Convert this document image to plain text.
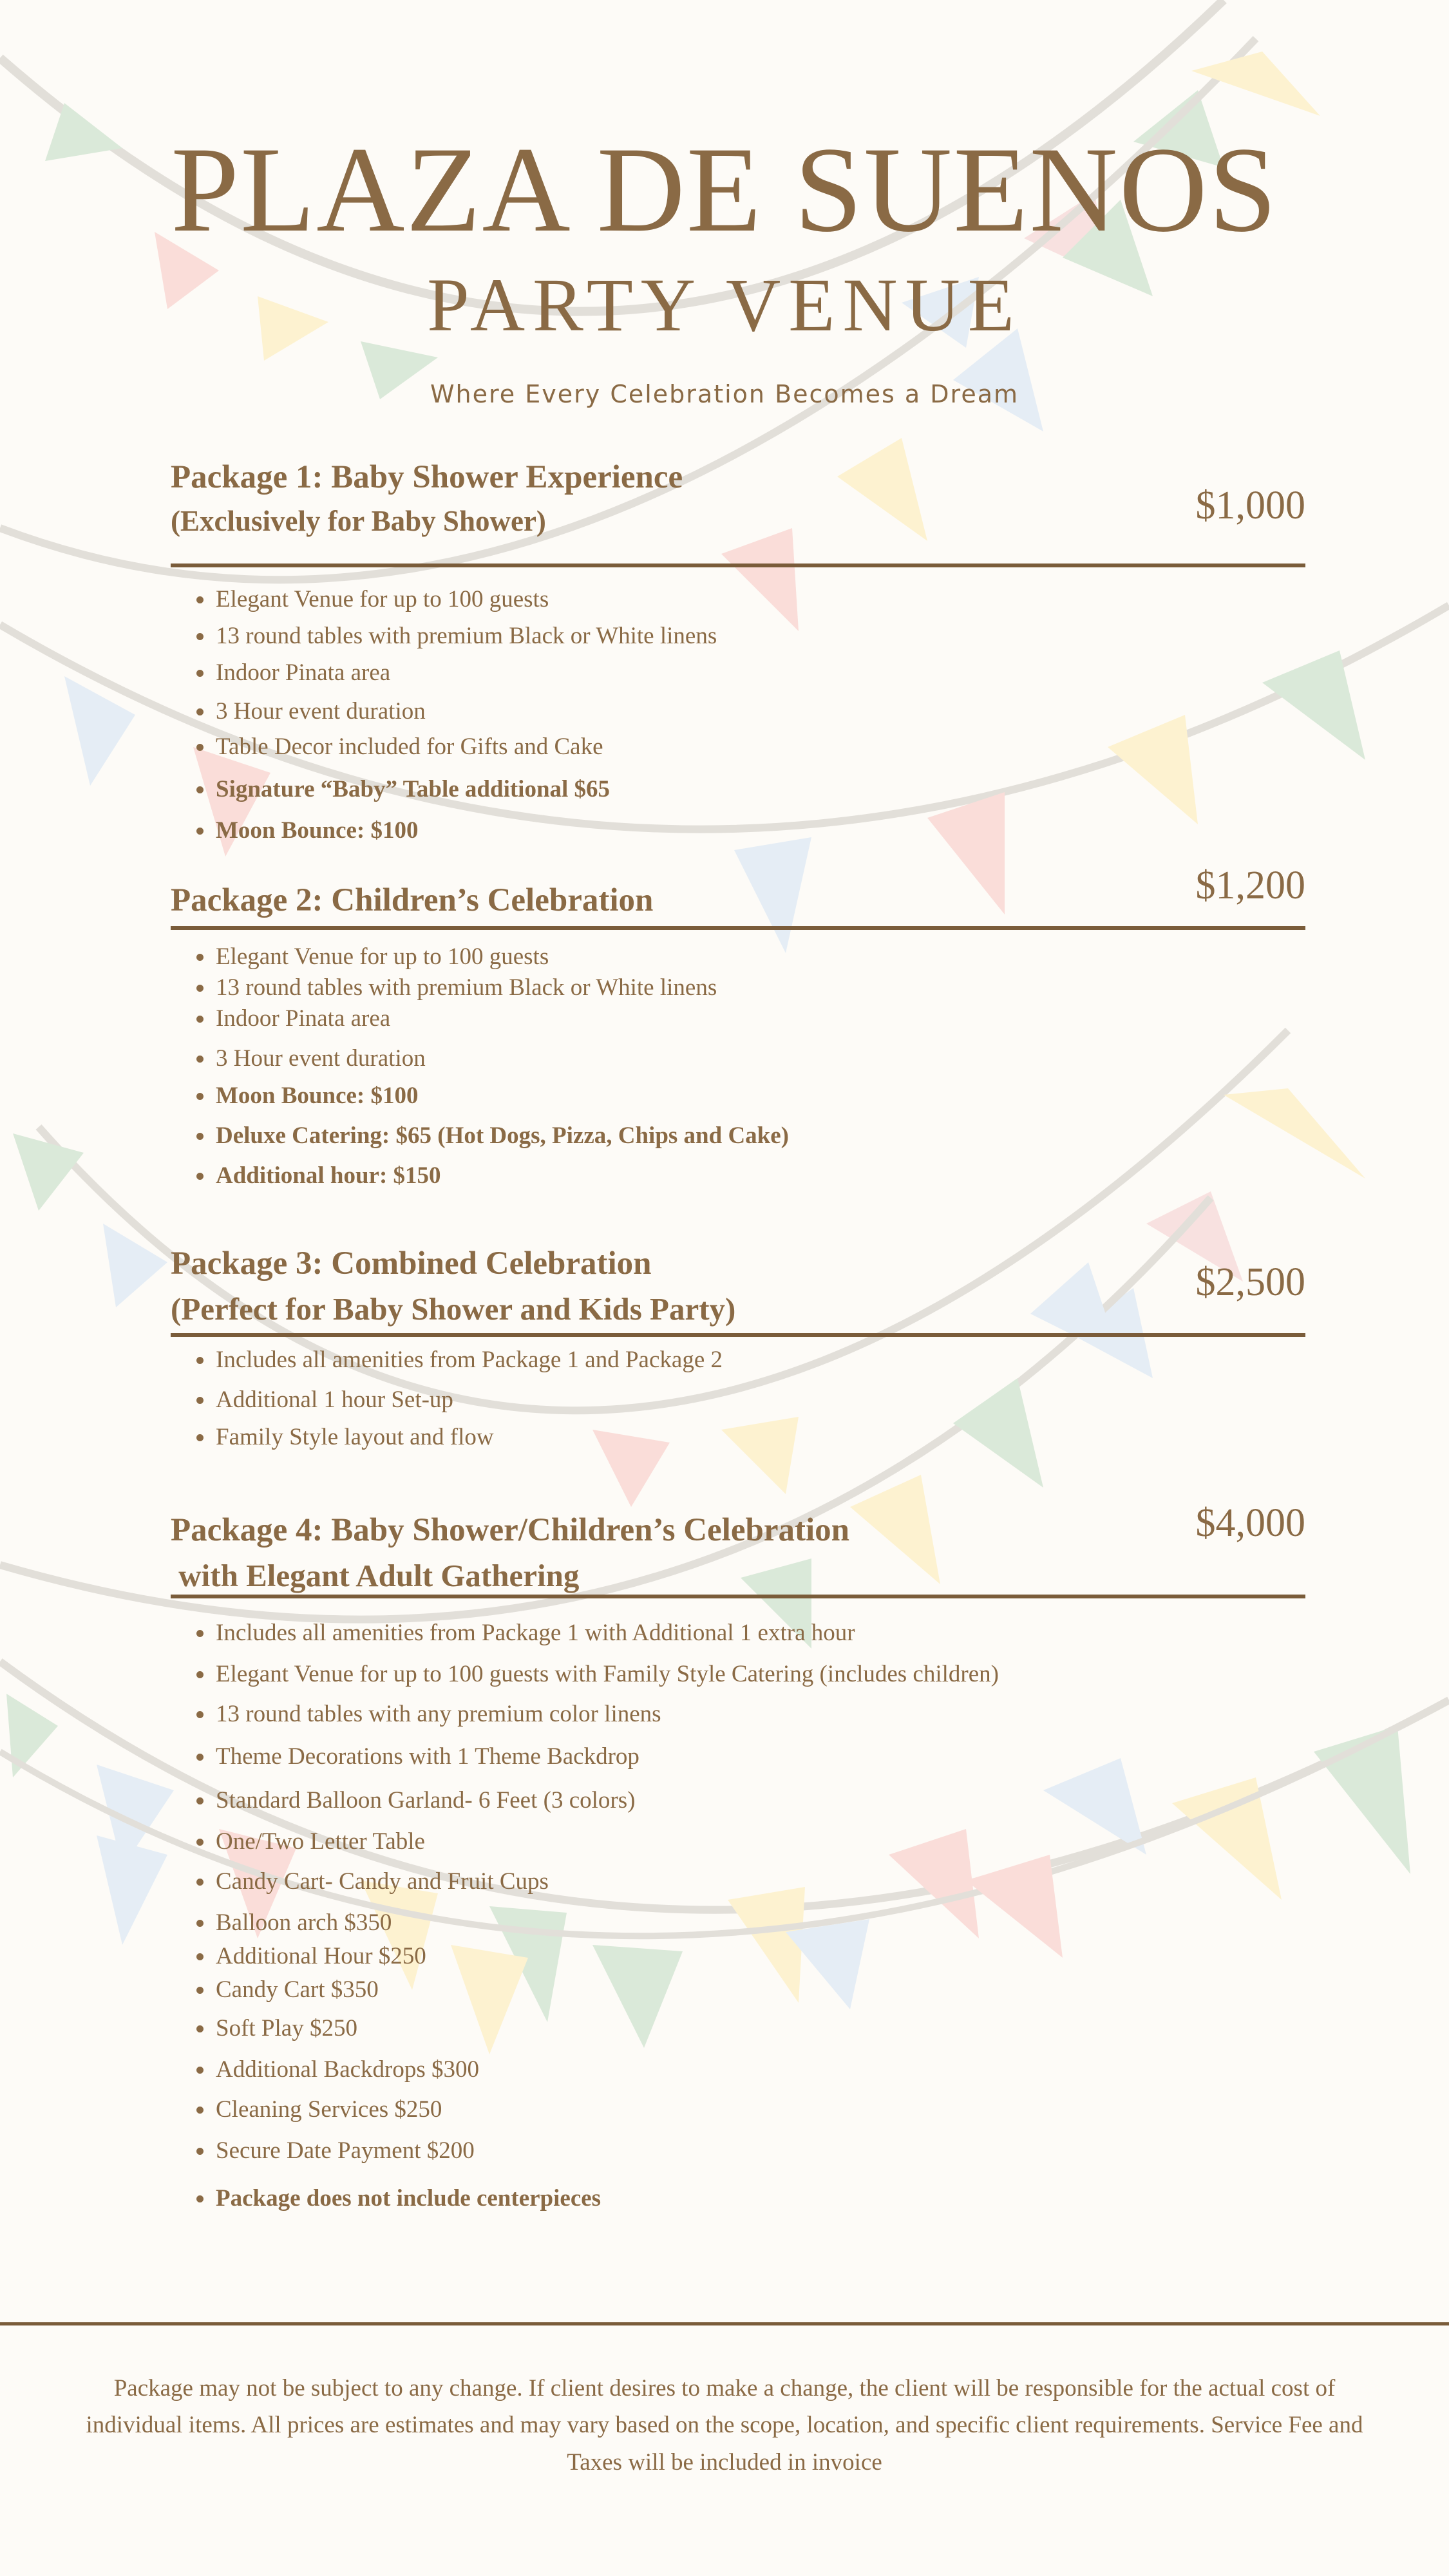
PLAZA DE SUENOS
PARTY VENUE
Where Every Celebration Becomes a Dream
Package 1: Baby Shower Experience
(Exclusively for Baby Shower)	$1,000
Elegant Venue for up to 100 guests
13 round tables with premium Black or White linens
Indoor Pinata area
3 Hour event duration
Table Decor included for Gifts and Cake
Signature “Baby” Table additional $65
Moon Bounce: $100
Package 2: Children’s Celebration	$1,200
Elegant Venue for up to 100 guests
13 round tables with premium Black or White linens
Indoor Pinata area
3 Hour event duration
Moon Bounce: $100
Deluxe Catering: $65 (Hot Dogs, Pizza, Chips and Cake)
Additional hour: $150
Package 3: Combined Celebration
(Perfect for Baby Shower and Kids Party)
$2,500
Includes all amenities from Package 1 and Package 2
Additional 1 hour Set-up
Family Style layout and flow
Package 4: Baby Shower/Children’s Celebration
with Elegant Adult Gathering
$4,000
Includes all amenities from Package 1 with Additional 1 extra hour
Elegant Venue for up to 100 guests with Family Style Catering (includes children)
13 round tables with any premium color linens
Theme Decorations with 1 Theme Backdrop
Standard Balloon Garland- 6 Feet (3 colors)
One/Two Letter Table
Candy Cart- Candy and Fruit Cups
Balloon arch $350
Additional Hour $250
Candy Cart $350
Soft Play $250
Additional Backdrops $300
Cleaning Services $250
Secure Date Payment $200
Package does not include centerpieces
Package may not be subject to any change. If client desires to make a change, the client will be responsible for the actual cost of individual items. All prices are estimates and may vary based on the scope, location, and specific client requirements. Service Fee and Taxes will be included in invoice
